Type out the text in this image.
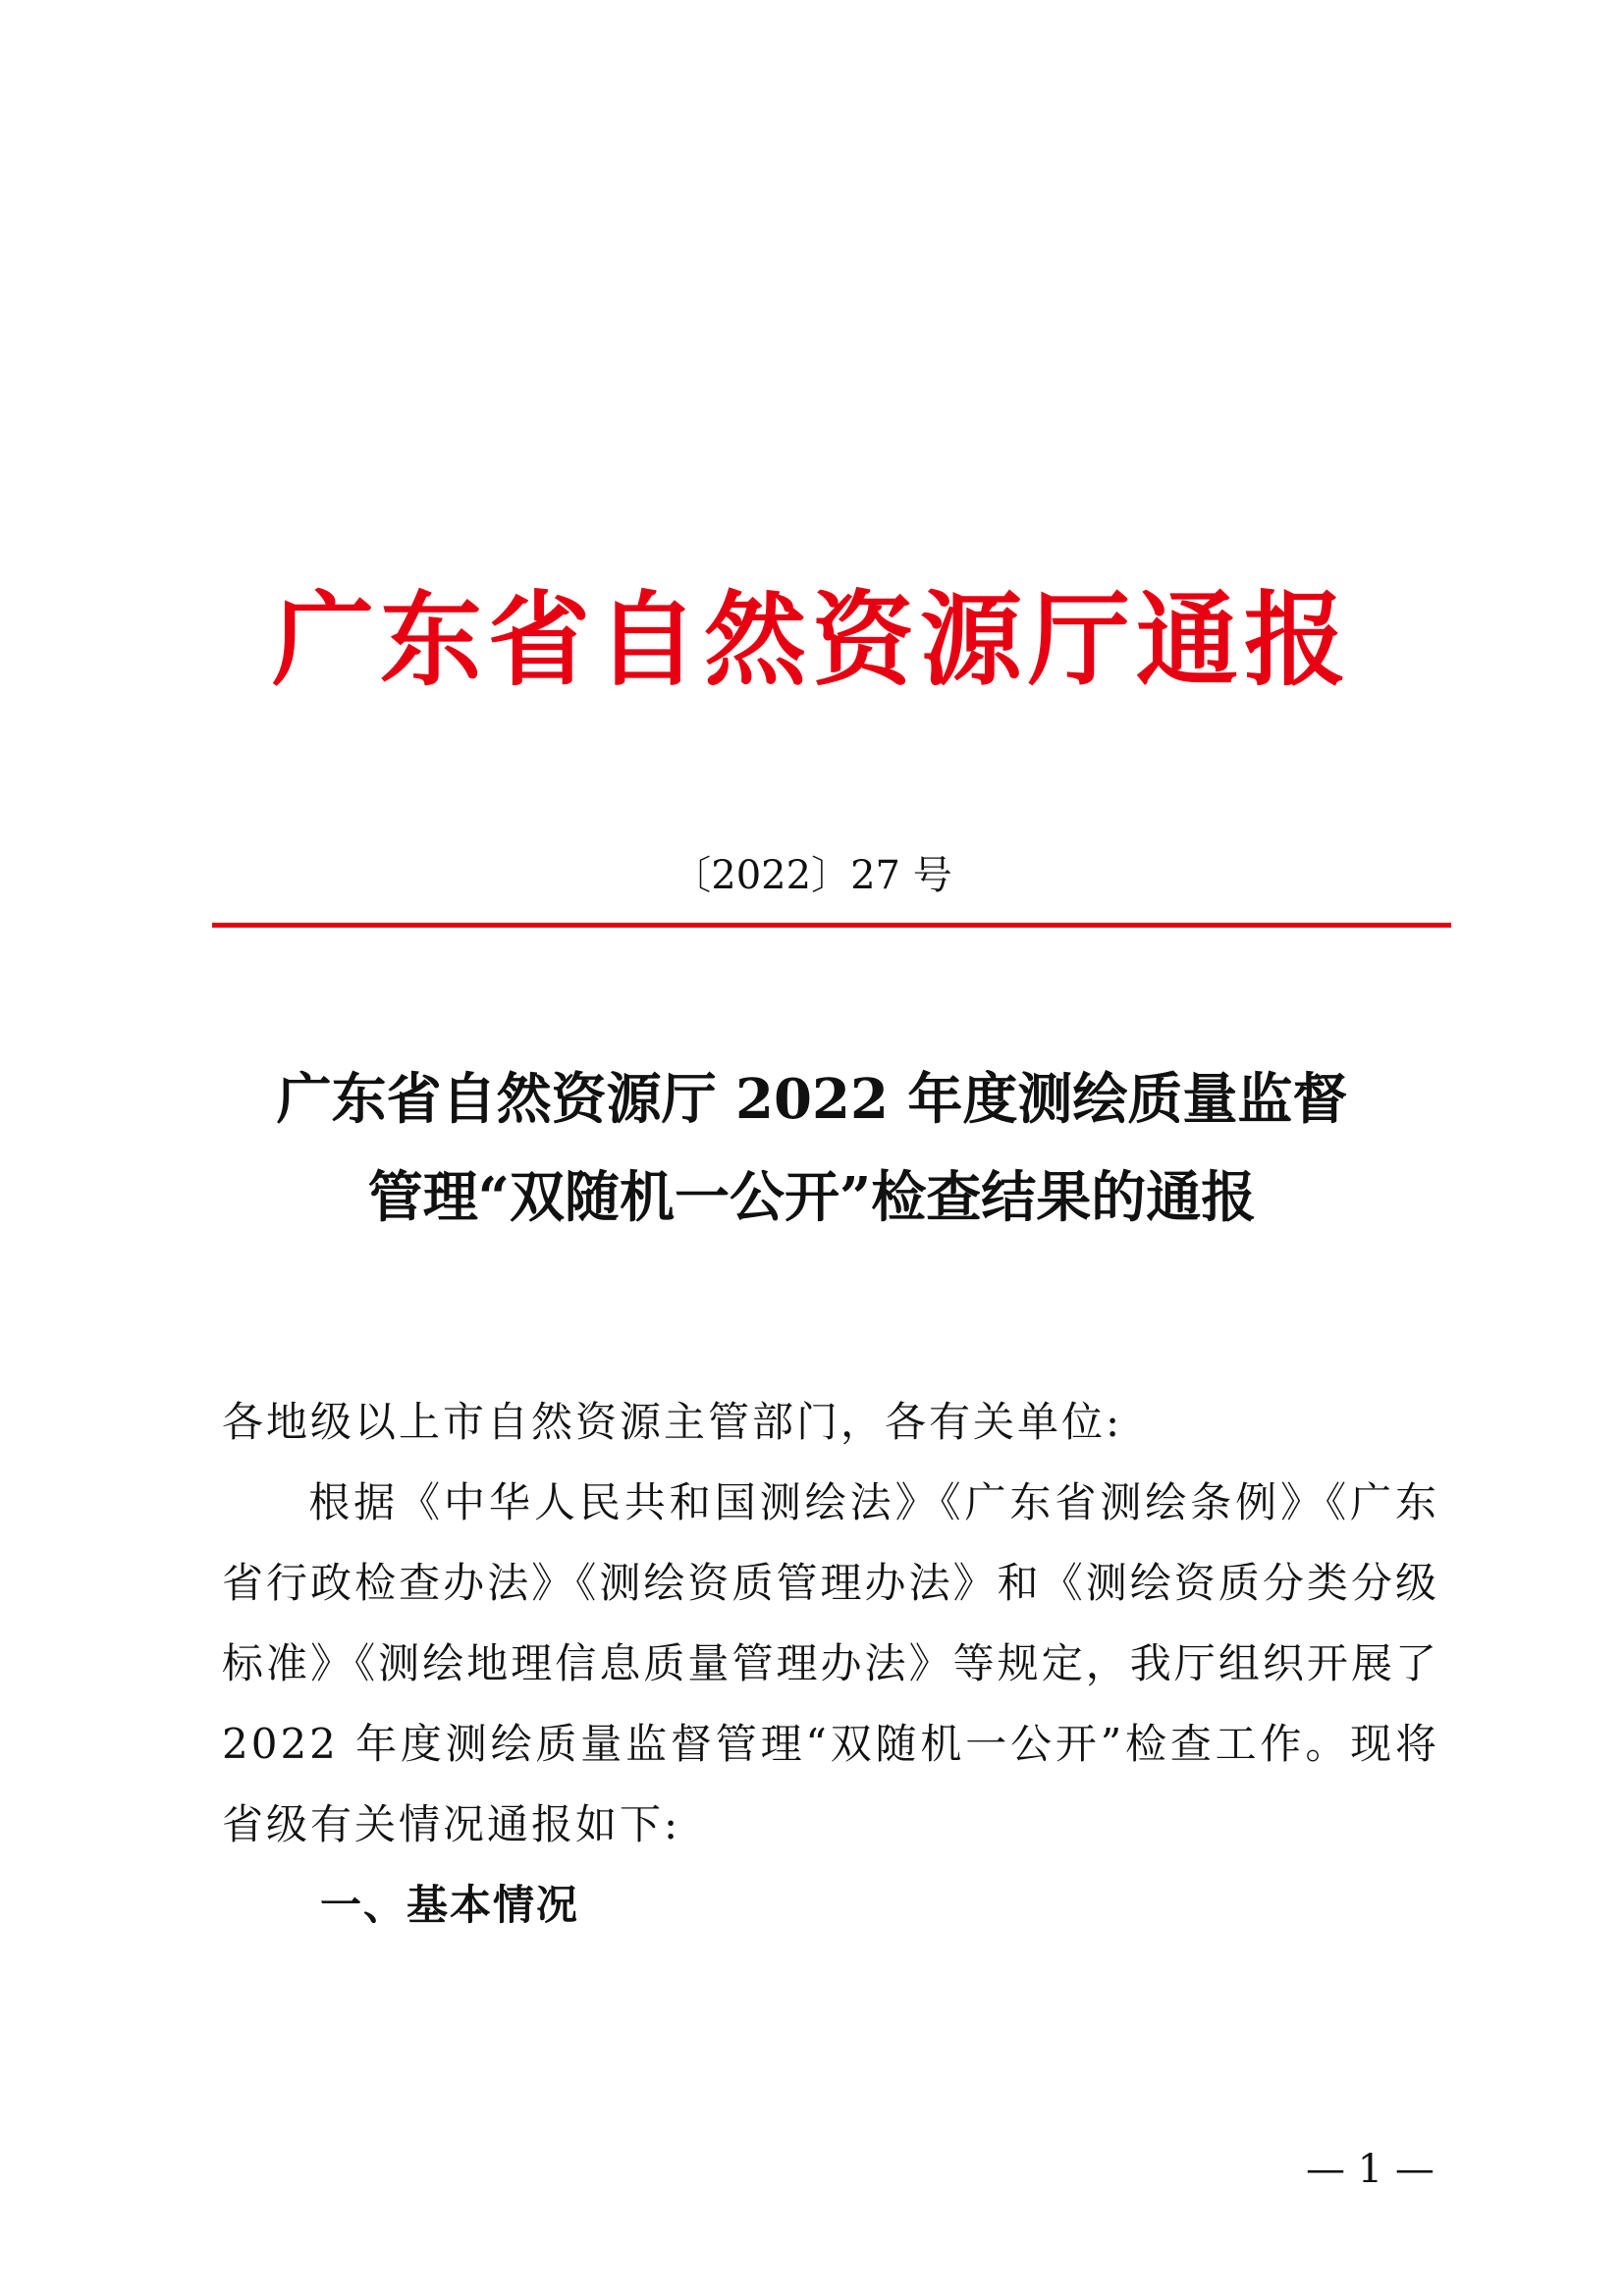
广东省自然资源厅通报
〔2022〕27 号
广东省自然资源厅 2022 年度测绘质量监督
管理“双随机一公开”检查结果的通报
各地级以上市自然资源主管部门，各有关单位:
根据《中华人民共和国测绘法》《广东省测绘条例》《广东省行政检查办法》《测绘资质管理办法》和《测绘资质分类分级标准》《测绘地理信息质量管理办法》等规定，我厅组织开展了 2022 年度测绘质量监督管理“双随机一公开”检查工作。现将省级有关情况通报如下:
一、基本情况
— 1 —
